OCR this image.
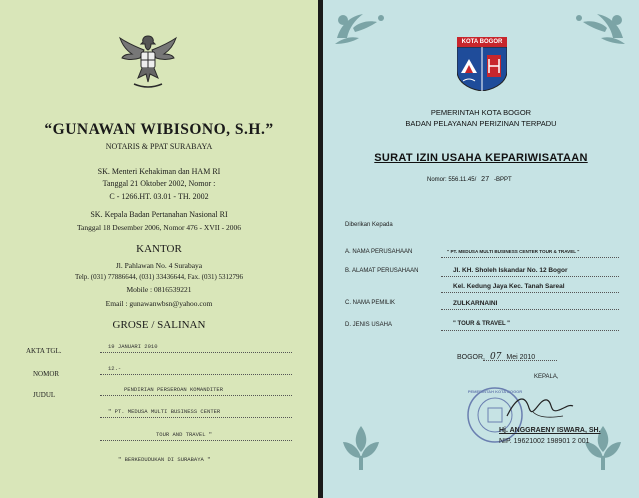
“GUNAWAN WIBISONO, S.H.”
NOTARIS & PPAT SURABAYA
SK. Menteri Kehakiman dan HAM RI
Tanggal 21 Oktober 2002, Nomor :
C - 1266.HT. 03.01 - TH. 2002
SK. Kepala Badan Pertanahan Nasional RI
Tanggal 18 Desember 2006, Nomor 476 - XVII - 2006
KANTOR
Jl. Pahlawan No. 4 Surabaya
Telp. (031) 77886644, (031) 33436644, Fax. (031) 5312796
Mobile : 0816539221
Email : gunawanwbsn@yahoo.com
GROSE / SALINAN
AKTA TGL.
19 JANUARI 2010
NOMOR
12.-
JUDUL
PENDIRIAN PERSEROAN KOMANDITER
" PT. MEDUSA MULTI BUSINESS CENTER
TOUR AND TRAVEL "
" BERKEDUDUKAN DI SURABAYA "
KOTA BOGOR
PEMERINTAH KOTA BOGOR
BADAN PELAYANAN PERIZINAN TERPADU
SURAT IZIN USAHA KEPARIWISATAAN
Nomor: 556.11.45/ 27 -BPPT
Diberikan Kepada
A. NAMA PERUSAHAAN	" PT. MEDUSA MULTI BUSINESS CENTER TOUR & TRAVEL "
B. ALAMAT PERUSAHAAN	Jl. KH. Sholeh Iskandar No. 12 Bogor
Kel. Kedung Jaya Kec. Tanah Sareal
C. NAMA PEMILIK	ZULKARNAINI
D. JENIS USAHA	" TOUR & TRAVEL "
BOGOR, 07 Mei 2010
KEPALA,
PEMERINTAH KOTA BOGOR
Hj. ANGGRAENY ISWARA, SH.
NIP. 19621002 198901 2 001
